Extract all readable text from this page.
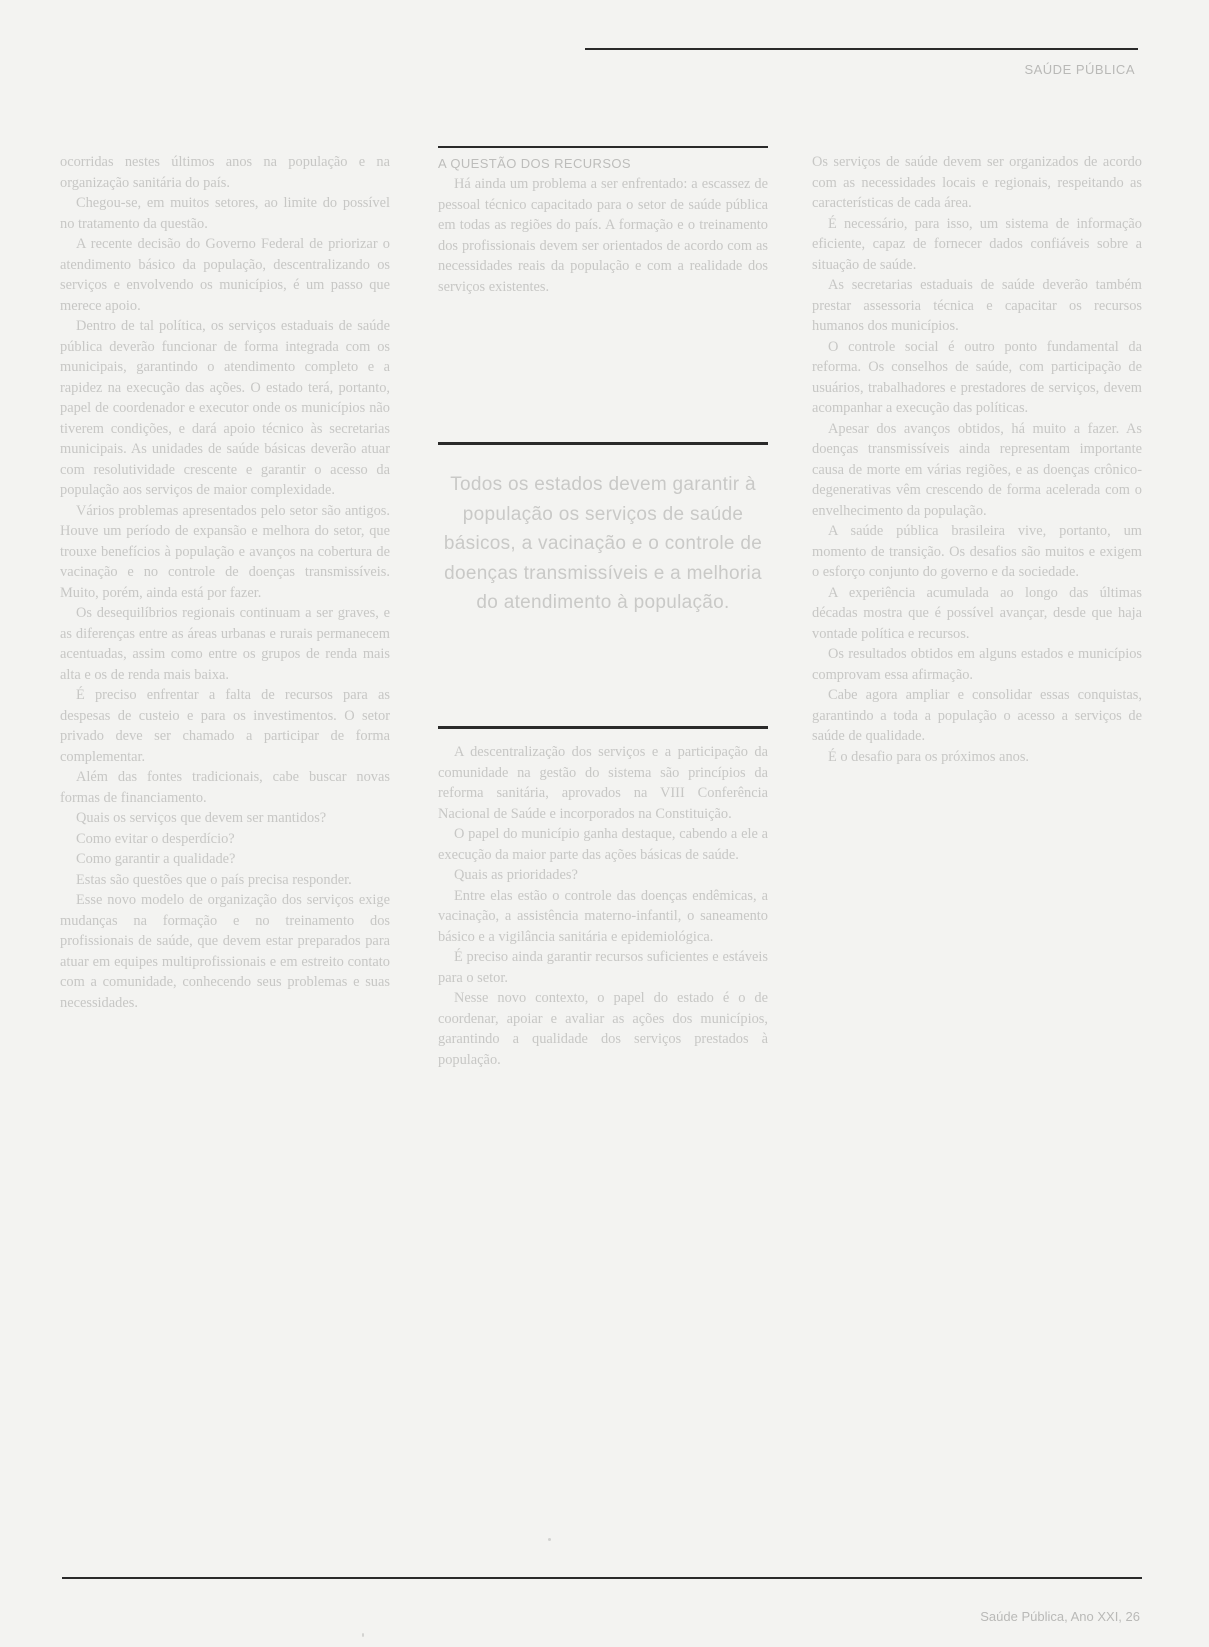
SAÚDE PÚBLICA

ocorridas nestes últimos anos na população e na organização sanitária do país.

Chegou-se, em muitos setores, ao limite do possível no tratamento da questão.

A recente decisão do Governo Federal de priorizar o atendimento básico da população, descentralizando os serviços e envolvendo os municípios, é um passo que merece apoio.

Dentro de tal política, os serviços estaduais de saúde pública deverão funcionar de forma integrada com os municipais, garantindo o atendimento completo e a rapidez na execução das ações. O estado terá, portanto, papel de coordenador e executor onde os municípios não tiverem condições, e dará apoio técnico às secretarias municipais. As unidades de saúde básicas deverão atuar com resolutividade crescente e garantir o acesso da população aos serviços de maior complexidade.

Vários problemas apresentados pelo setor são antigos. Houve um período de expansão e melhora do setor, que trouxe benefícios à população e avanços na cobertura de vacinação e no controle de doenças transmissíveis. Muito, porém, ainda está por fazer.

Os desequilíbrios regionais continuam a ser graves, e as diferenças entre as áreas urbanas e rurais permanecem acentuadas, assim como entre os grupos de renda mais alta e os de renda mais baixa.

É preciso enfrentar a falta de recursos para as despesas de custeio e para os investimentos. O setor privado deve ser chamado a participar de forma complementar.

Além das fontes tradicionais, cabe buscar novas formas de financiamento.

Quais os serviços que devem ser mantidos?

Como evitar o desperdício?

Como garantir a qualidade?

Estas são questões que o país precisa responder.

Esse novo modelo de organização dos serviços exige mudanças na formação e no treinamento dos profissionais de saúde, que devem estar preparados para atuar em equipes multiprofissionais e em estreito contato com a comunidade, conhecendo seus problemas e suas necessidades.

A QUESTÃO DOS RECURSOS

Há ainda um problema a ser enfrentado: a escassez de pessoal técnico capacitado para o setor de saúde pública em todas as regiões do país. A formação e o treinamento dos profissionais devem ser orientados de acordo com as necessidades reais da população e com a realidade dos serviços existentes.

Todos os estados devem garantir à população os serviços de saúde básicos, a vacinação e o controle de doenças transmissíveis e a melhoria do atendimento à população.

A descentralização dos serviços e a participação da comunidade na gestão do sistema são princípios da reforma sanitária, aprovados na VIII Conferência Nacional de Saúde e incorporados na Constituição.

O papel do município ganha destaque, cabendo a ele a execução da maior parte das ações básicas de saúde.

Quais as prioridades?

Entre elas estão o controle das doenças endêmicas, a vacinação, a assistência materno-infantil, o saneamento básico e a vigilância sanitária e epidemiológica.

É preciso ainda garantir recursos suficientes e estáveis para o setor.

Nesse novo contexto, o papel do estado é o de coordenar, apoiar e avaliar as ações dos municípios, garantindo a qualidade dos serviços prestados à população.

Os serviços de saúde devem ser organizados de acordo com as necessidades locais e regionais, respeitando as características de cada área.

É necessário, para isso, um sistema de informação eficiente, capaz de fornecer dados confiáveis sobre a situação de saúde.

As secretarias estaduais de saúde deverão também prestar assessoria técnica e capacitar os recursos humanos dos municípios.

O controle social é outro ponto fundamental da reforma. Os conselhos de saúde, com participação de usuários, trabalhadores e prestadores de serviços, devem acompanhar a execução das políticas.

Apesar dos avanços obtidos, há muito a fazer. As doenças transmissíveis ainda representam importante causa de morte em várias regiões, e as doenças crônico-degenerativas vêm crescendo de forma acelerada com o envelhecimento da população.

A saúde pública brasileira vive, portanto, um momento de transição. Os desafios são muitos e exigem o esforço conjunto do governo e da sociedade.

A experiência acumulada ao longo das últimas décadas mostra que é possível avançar, desde que haja vontade política e recursos.

Os resultados obtidos em alguns estados e municípios comprovam essa afirmação.

Cabe agora ampliar e consolidar essas conquistas, garantindo a toda a população o acesso a serviços de saúde de qualidade.

É o desafio para os próximos anos.

Saúde Pública, Ano XXI, 26
